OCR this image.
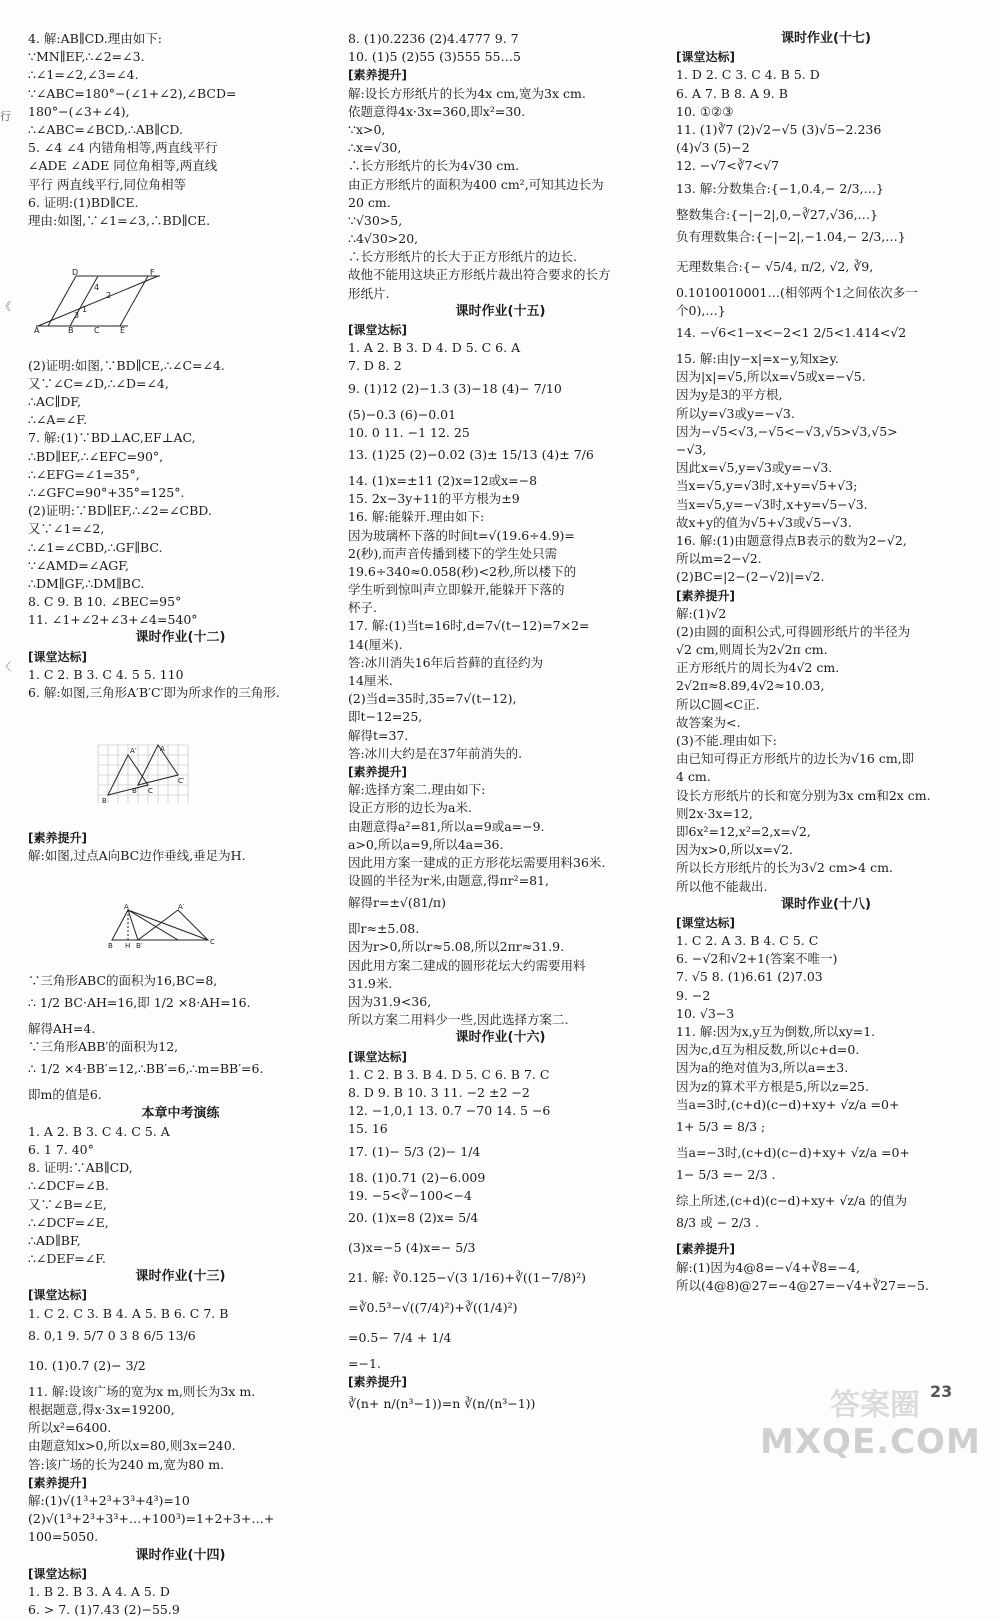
行
《
〈
4. 解:AB∥CD.理由如下:
∵MN∥EF,∴∠2=∠3.
∴∠1=∠2,∠3=∠4.
∵∠ABC=180°−(∠1+∠2),∠BCD=
180°−(∠3+∠4),
∴∠ABC=∠BCD,∴AB∥CD.
5. ∠4 ∠4 内错角相等,两直线平行
∠ADE ∠ADE 同位角相等,两直线
平行 两直线平行,同位角相等
6. 证明:(1)BD∥CE.
理由:如图,∵∠1=∠3,∴BD∥CE.

D	F
1
2
3
4
A	B	C	E

(2)证明:如图,∵BD∥CE,∴∠C=∠4.
又∵∠C=∠D,∴∠D=∠4,
∴AC∥DF,
∴∠A=∠F.
7. 解:(1)∵BD⊥AC,EF⊥AC,
∴BD∥EF,∴∠EFC=90°,
∴∠EFG=∠1=35°,
∴∠GFC=90°+35°=125°.
(2)证明:∵BD∥EF,∴∠2=∠CBD.
又∵∠1=∠2,
∴∠1=∠CBD,∴GF∥BC.
∵∠AMD=∠AGF,
∴DM∥GF,∴DM∥BC.
8. C 9. B 10. ∠BEC=95°
11. ∠1+∠2+∠3+∠4=540°
课时作业(十二)
[课堂达标]
1. C 2. B 3. C 4. 5 5. 110
6. 解:如图,三角形A′B′C′即为所求作的三角形.

A′
B
C
A
B′
C′

[素养提升]
解:如图,过点A向BC边作垂线,垂足为H.

A
B H B′	C
A′

∵三角形ABC的面积为16,BC=8,
∴ 1/2 BC·AH=16,即 1/2 ×8·AH=16.
解得AH=4.
∵三角形ABB′的面积为12,
∴ 1/2 ×4·BB′=12,∴BB′=6,∴m=BB′=6.
即m的值是6.
本章中考演练
1. A 2. B 3. C 4. C 5. A
6. 1 7. 40°
8. 证明:∵AB∥CD,
∴∠DCF=∠B.
又∵∠B=∠E,
∴∠DCF=∠E,
∴AD∥BF,
∴∠DEF=∠F.
课时作业(十三)
[课堂达标]
1. C 2. C 3. B 4. A 5. B 6. C 7. B
8. 0,1 9. 5/7 0 3 8 6/5 13/6
10. (1)0.7 (2)− 3/2
11. 解:设该广场的宽为x m,则长为3x m.
根据题意,得x·3x=19200,
所以x²=6400.
由题意知x>0,所以x=80,则3x=240.
答:该广场的长为240 m,宽为80 m.
[素养提升]
解:(1)√(1³+2³+3³+4³)=10
(2)√(1³+2³+3³+…+100³)=1+2+3+…+
100=5050.
课时作业(十四)
[课堂达标]
1. B 2. B 3. A 4. A 5. D
6. > 7. (1)7.43 (2)−55.9
8. (1)0.2236 (2)4.4777 9. 7
10. (1)5 (2)55 (3)555 55…5
[素养提升]
解:设长方形纸片的长为4x cm,宽为3x cm.
依题意得4x·3x=360,即x²=30.
∵x>0,
∴x=√30,
∴长方形纸片的长为4√30 cm.
由正方形纸片的面积为400 cm²,可知其边长为
20 cm.
∵√30>5,
∴4√30>20,
∴长方形纸片的长大于正方形纸片的边长.
故他不能用这块正方形纸片裁出符合要求的长方
形纸片.
课时作业(十五)
[课堂达标]
1. A 2. B 3. D 4. D 5. C 6. A
7. D 8. 2
9. (1)12 (2)−1.3 (3)−18 (4)− 7/10
(5)−0.3 (6)−0.01
10. 0 11. −1 12. 25
13. (1)25 (2)−0.02 (3)± 15/13 (4)± 7/6
14. (1)x=±11 (2)x=12或x=−8
15. 2x−3y+11的平方根为±9
16. 解:能躲开.理由如下:
因为玻璃杯下落的时间t=√(19.6÷4.9)=
2(秒),而声音传播到楼下的学生处只需
19.6÷340≈0.058(秒)<2秒,所以楼下的
学生听到惊叫声立即躲开,能躲开下落的
杯子.
17. 解:(1)当t=16时,d=7√(t−12)=7×2=
14(厘米).
答:冰川消失16年后苔藓的直径约为
14厘米.
(2)当d=35时,35=7√(t−12),
即t−12=25,
解得t=37.
答:冰川大约是在37年前消失的.
[素养提升]
解:选择方案二.理由如下:
设正方形的边长为a米.
由题意得a²=81,所以a=9或a=−9.
a>0,所以a=9,所以4a=36.
因此用方案一建成的正方形花坛需要用料36米.
设圆的半径为r米,由题意,得πr²=81,
解得r=±√(81/π)
即r≈±5.08.
因为r>0,所以r≈5.08,所以2πr≈31.9.
因此用方案二建成的圆形花坛大约需要用料
31.9米.
因为31.9<36,
所以方案二用料少一些,因此选择方案二.
课时作业(十六)
[课堂达标]
1. C 2. B 3. B 4. D 5. C 6. B 7. C
8. D 9. B 10. 3 11. −2 ±2 −2
12. −1,0,1 13. 0.7 −70 14. 5 −6
15. 16
17. (1)− 5/3 (2)− 1/4
18. (1)0.71 (2)−6.009
19. −5<∛−100<−4
20. (1)x=8 (2)x= 5/4
(3)x=−5 (4)x=− 5/3
21. 解: ∛0.125−√(3 1/16)+∛((1−7/8)²)
=∛0.5³−√((7/4)²)+∛((1/4)²)
=0.5− 7/4 + 1/4
=−1.
[素养提升]
∛(n+ n/(n³−1))=n ∛(n/(n³−1))
课时作业(十七)
[课堂达标]
1. D 2. C 3. C 4. B 5. D
6. A 7. B 8. A 9. B
10. ①②③
11. (1)∛7 (2)√2−√5 (3)√5−2.236
(4)√3 (5)−2
12. −√7<∛7<√7
13. 解:分数集合:{−1,0.4,− 2/3,…}
整数集合:{−|−2|,0,−∛27,√36,…}
负有理数集合:{−|−2|,−1.04,− 2/3,…}
无理数集合:{− √5/4, π/2, √2, ∛9,
0.1010010001…(相邻两个1之间依次多一
个0),…}
14. −√6<1−x<−2<1 2/5<1.414<√2
15. 解:由|y−x|=x−y,知x≥y.
因为|x|=√5,所以x=√5或x=−√5.
因为y是3的平方根,
所以y=√3或y=−√3.
因为−√5<√3,−√5<−√3,√5>√3,√5>
−√3,
因此x=√5,y=√3或y=−√3.
当x=√5,y=√3时,x+y=√5+√3;
当x=√5,y=−√3时,x+y=√5−√3.
故x+y的值为√5+√3或√5−√3.
16. 解:(1)由题意得点B表示的数为2−√2,
所以m=2−√2.
(2)BC=|2−(2−√2)|=√2.
[素养提升]
解:(1)√2
(2)由圆的面积公式,可得圆形纸片的半径为
√2 cm,则周长为2√2π cm.
正方形纸片的周长为4√2 cm.
2√2π≈8.89,4√2≈10.03,
所以C圆<C正.
故答案为<.
(3)不能.理由如下:
由已知可得正方形纸片的边长为√16 cm,即
4 cm.
设长方形纸片的长和宽分别为3x cm和2x cm.
则2x·3x=12,
即6x²=12,x²=2,x=√2,
因为x>0,所以x=√2.
所以长方形纸片的长为3√2 cm>4 cm.
所以他不能裁出.
课时作业(十八)
[课堂达标]
1. C 2. A 3. B 4. C 5. C
6. −√2和√2+1(答案不唯一)
7. √5 8. (1)6.61 (2)7.03
9. −2
10. √3−3
11. 解:因为x,y互为倒数,所以xy=1.
因为c,d互为相反数,所以c+d=0.
因为a的绝对值为3,所以a=±3.
因为z的算术平方根是5,所以z=25.
当a=3时,(c+d)(c−d)+xy+ √z/a =0+
1+ 5/3 = 8/3 ;
当a=−3时,(c+d)(c−d)+xy+ √z/a =0+
1− 5/3 =− 2/3 .
综上所述,(c+d)(c−d)+xy+ √z/a 的值为
8/3 或 − 2/3 .
[素养提升]
解:(1)因为4@8=−√4+∛8=−4,
所以(4@8)@27=−4@27=−√4+∛27=−5.
答案圈
MXQE.COM
23
